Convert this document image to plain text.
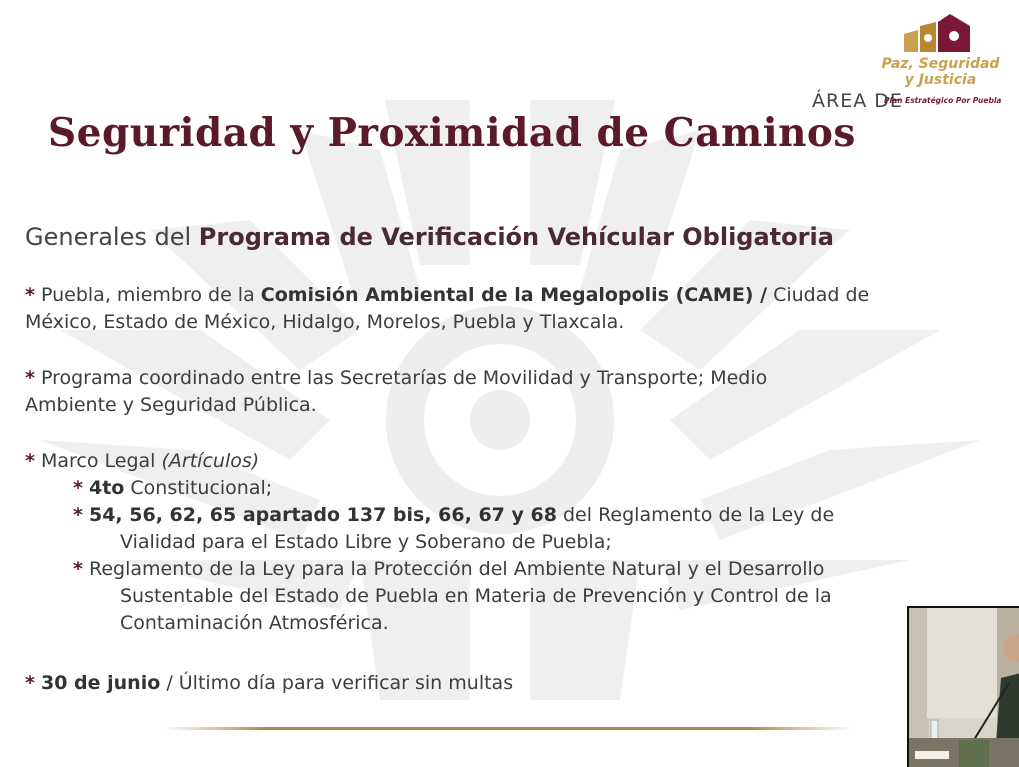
Paz, Seguridad
y Justicia
Plan Estratégico Por Puebla
ÁREA DE
Seguridad y Proximidad de Caminos
Generales del Programa de Verificación Vehícular Obligatoria
* Puebla, miembro de la Comisión Ambiental de la Megalopolis (CAME) / Ciudad de
México, Estado de México, Hidalgo, Morelos, Puebla y Tlaxcala.
* Programa coordinado entre las Secretarías de Movilidad y Transporte; Medio
Ambiente y Seguridad Pública.
* Marco Legal (Artículos)
* 4to Constitucional;
* 54, 56, 62, 65 apartado 137 bis, 66, 67 y 68 del Reglamento de la Ley de
Vialidad para el Estado Libre y Soberano de Puebla;
* Reglamento de la Ley para la Protección del Ambiente Natural y el Desarrollo
Sustentable del Estado de Puebla en Materia de Prevención y Control de la
Contaminación Atmosférica.
* 30 de junio / Último día para verificar sin multas
